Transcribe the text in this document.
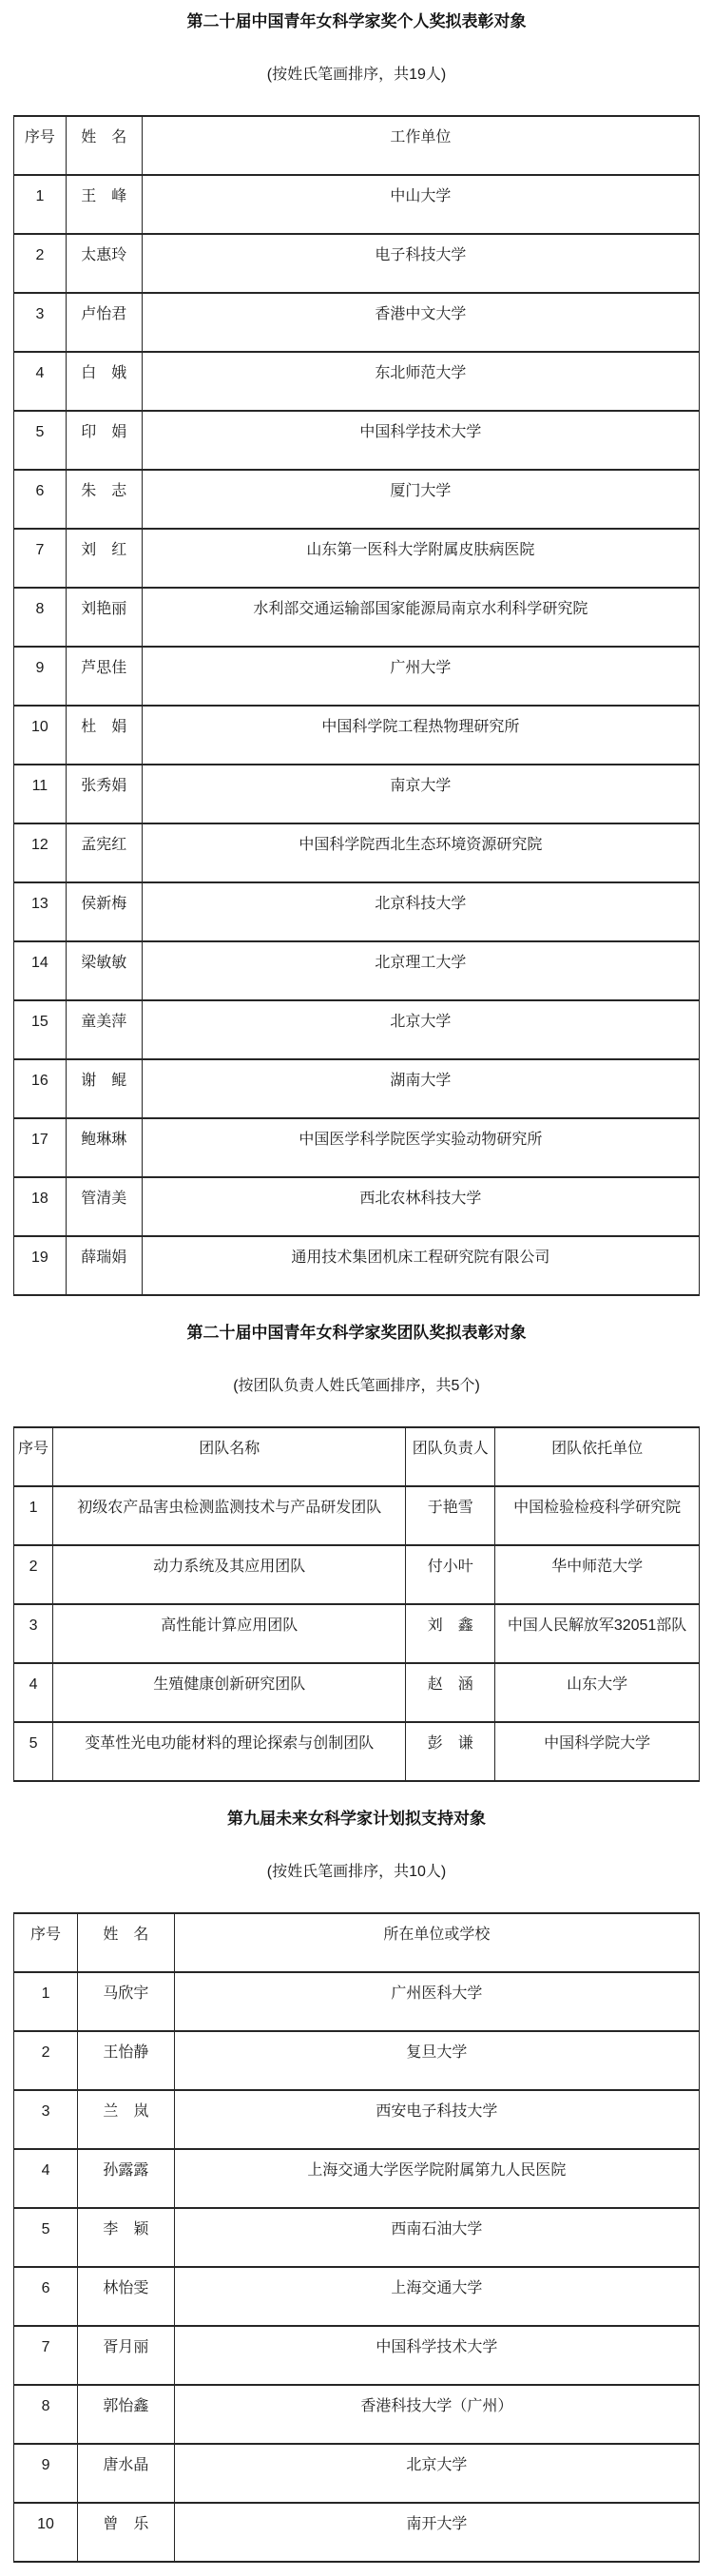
第二十届中国青年女科学家奖个人奖拟表彰对象

(按姓氏笔画排序，共19人)

序号	姓　名	工作单位
1	王　峰	中山大学
2	太惠玲	电子科技大学
3	卢怡君	香港中文大学
4	白　娥	东北师范大学
5	印　娟	中国科学技术大学
6	朱　志	厦门大学
7	刘　红	山东第一医科大学附属皮肤病医院
8	刘艳丽	水利部交通运输部国家能源局南京水利科学研究院
9	芦思佳	广州大学
10	杜　娟	中国科学院工程热物理研究所
11	张秀娟	南京大学
12	孟宪红	中国科学院西北生态环境资源研究院
13	侯新梅	北京科技大学
14	梁敏敏	北京理工大学
15	童美萍	北京大学
16	谢　鲲	湖南大学
17	鲍琳琳	中国医学科学院医学实验动物研究所
18	管清美	西北农林科技大学
19	薛瑞娟	通用技术集团机床工程研究院有限公司
第二十届中国青年女科学家奖团队奖拟表彰对象

(按团队负责人姓氏笔画排序，共5个)

序号	团队名称	团队负责人	团队依托单位
1	初级农产品害虫检测监测技术与产品研发团队	于艳雪	中国检验检疫科学研究院
2	动力系统及其应用团队	付小叶	华中师范大学
3	高性能计算应用团队	刘　鑫	中国人民解放军32051部队
4	生殖健康创新研究团队	赵　涵	山东大学
5	变革性光电功能材料的理论探索与创制团队	彭　谦	中国科学院大学
第九届未来女科学家计划拟支持对象

(按姓氏笔画排序，共10人)

序号	姓　名	所在单位或学校
1	马欣宇	广州医科大学
2	王怡静	复旦大学
3	兰　岚	西安电子科技大学
4	孙露露	上海交通大学医学院附属第九人民医院
5	李　颖	西南石油大学
6	林怡雯	上海交通大学
7	胥月丽	中国科学技术大学
8	郭怡鑫	香港科技大学（广州）
9	唐水晶	北京大学
10	曾　乐	南开大学
